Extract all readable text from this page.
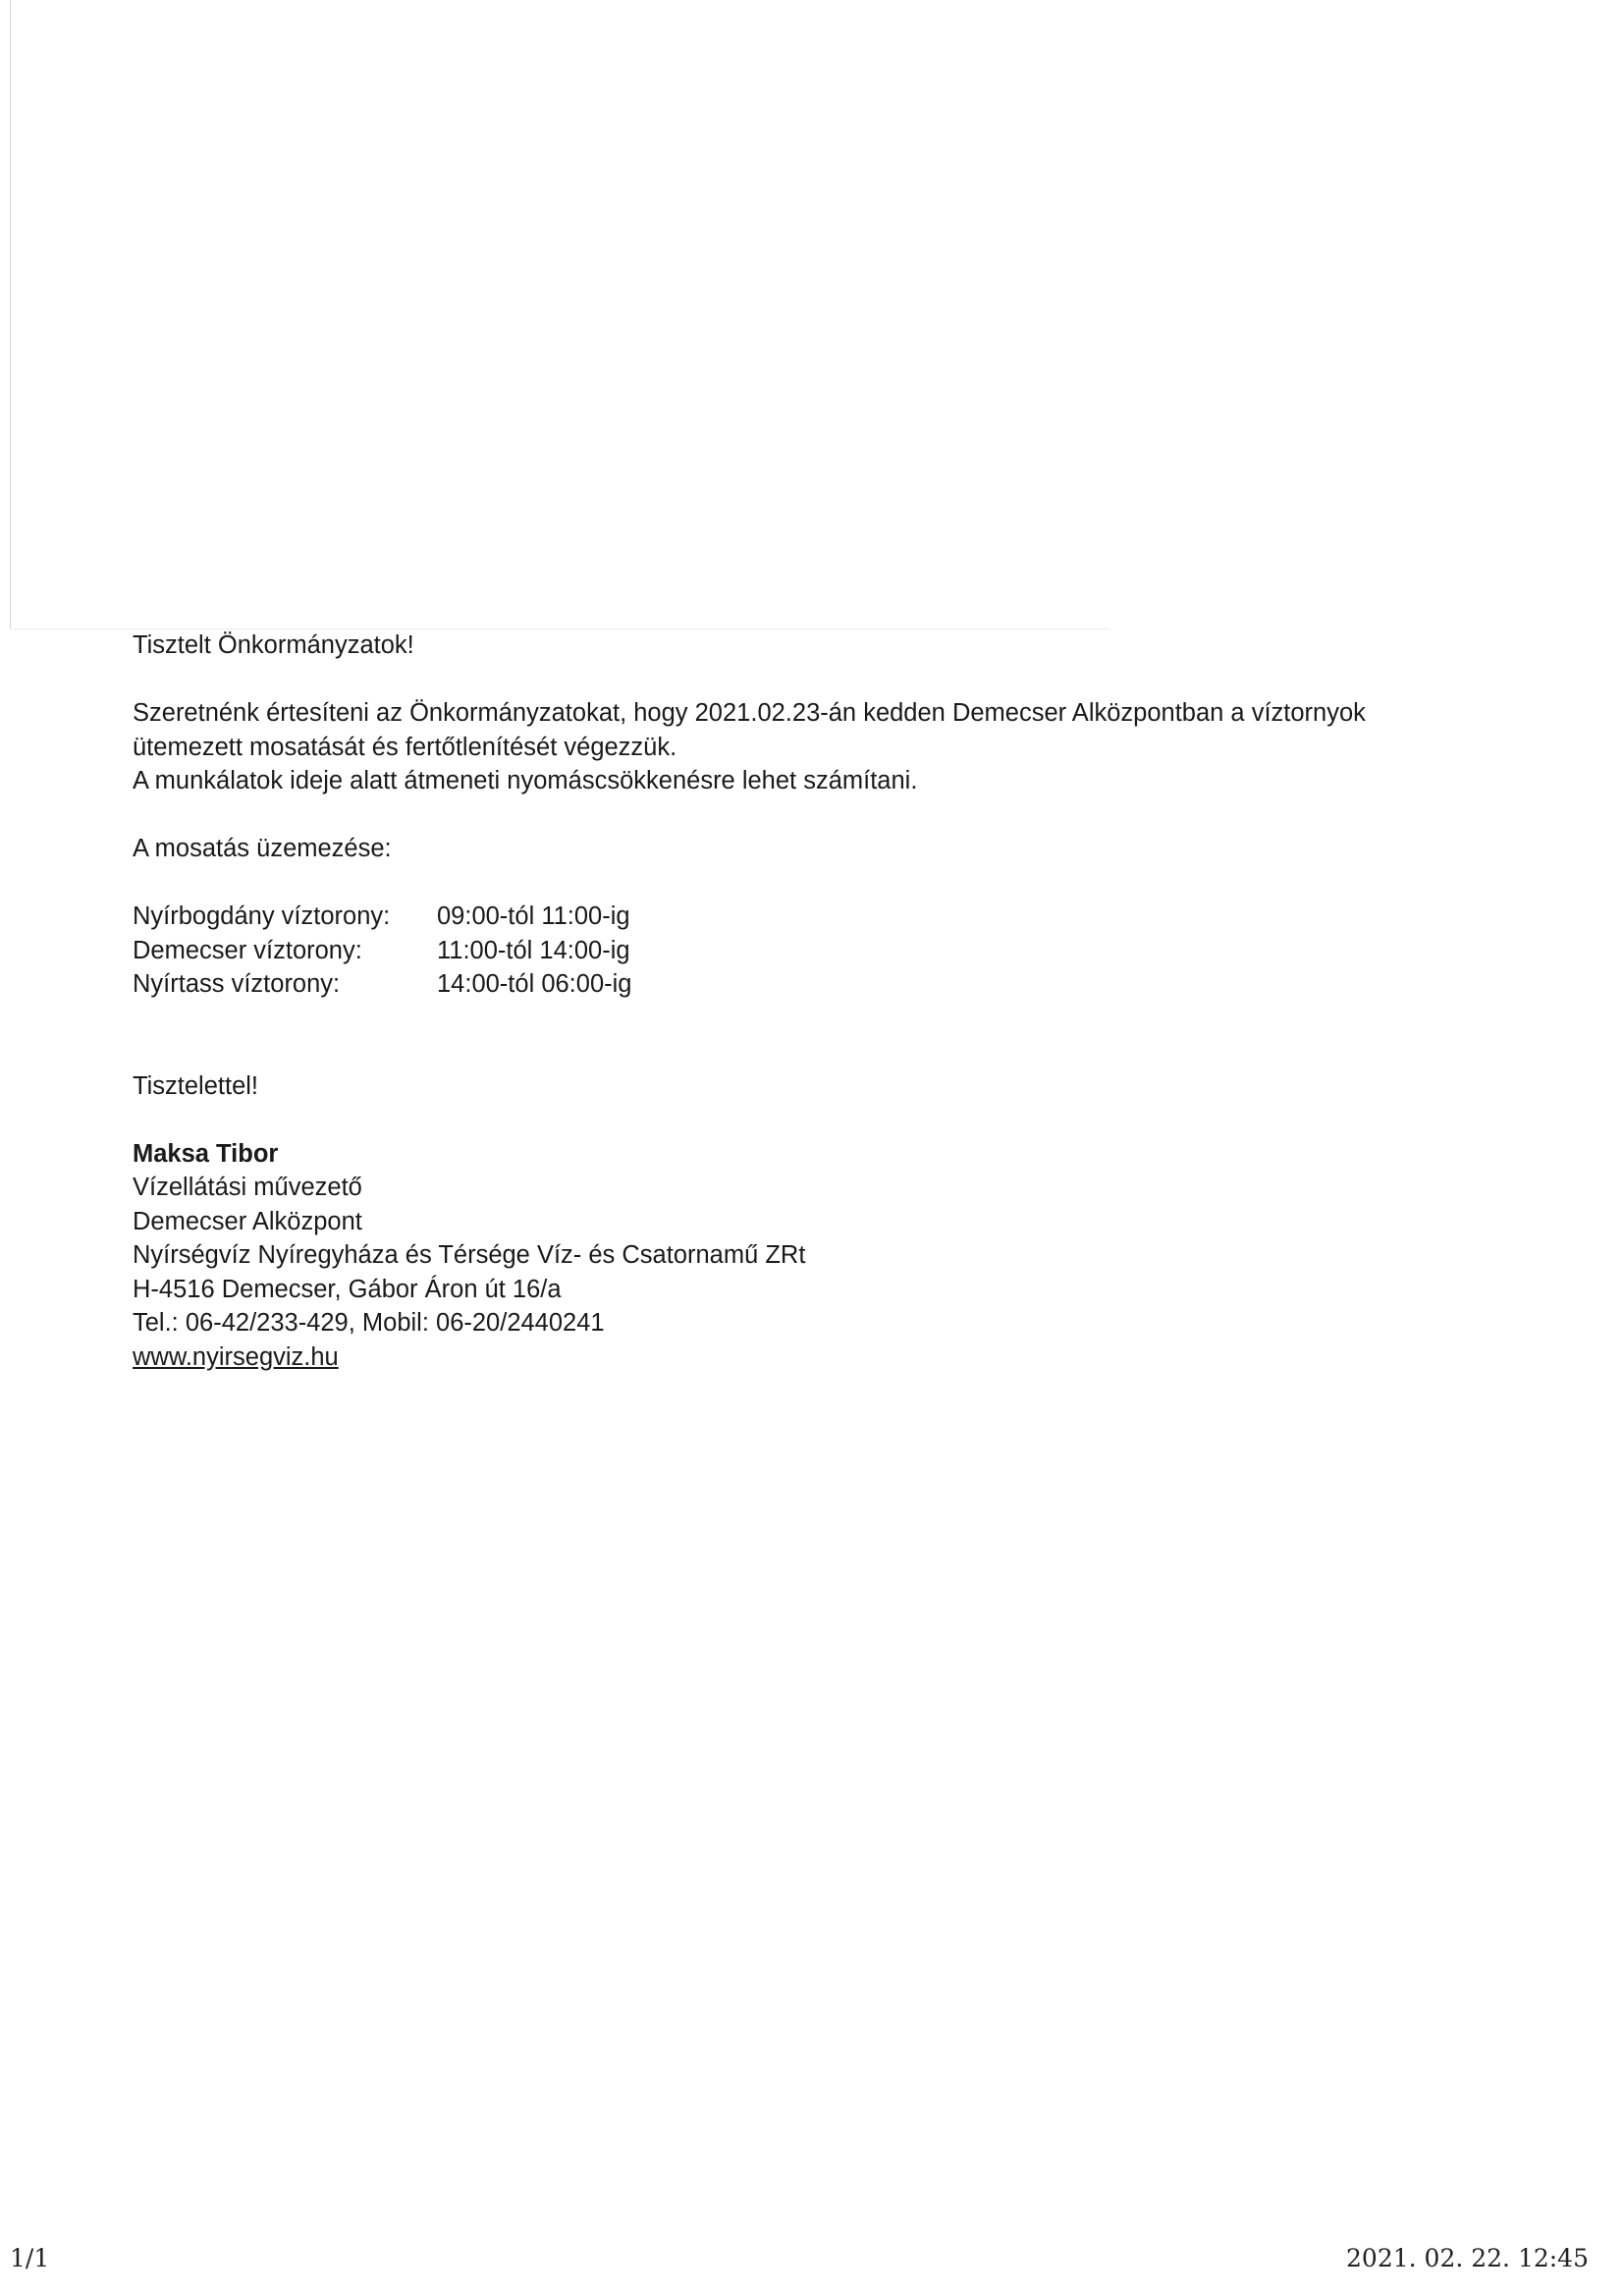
Tisztelt Önkormányzatok!

Szeretnénk értesíteni az Önkormányzatokat, hogy 2021.02.23-án kedden Demecser Alközpontban a víztornyok

ütemezett mosatását és fertőtlenítését végezzük.

A munkálatok ideje alatt átmeneti nyomáscsökkenésre lehet számítani.

A mosatás üzemezése:

Nyírbogdány víztorony:	09:00-tól 11:00-ig
Demecser víztorony:	11:00-tól 14:00-ig
Nyírtass víztorony:	14:00-tól 06:00-ig

Tisztelettel!

Maksa Tibor

Vízellátási művezető

Demecser Alközpont

Nyírségvíz Nyíregyháza és Térsége Víz- és Csatornamű ZRt

H-4516 Demecser, Gábor Áron út 16/a

Tel.: 06-42/233-429, Mobil: 06-20/2440241

www.nyirsegviz.hu

1/1	2021. 02. 22. 12:45
